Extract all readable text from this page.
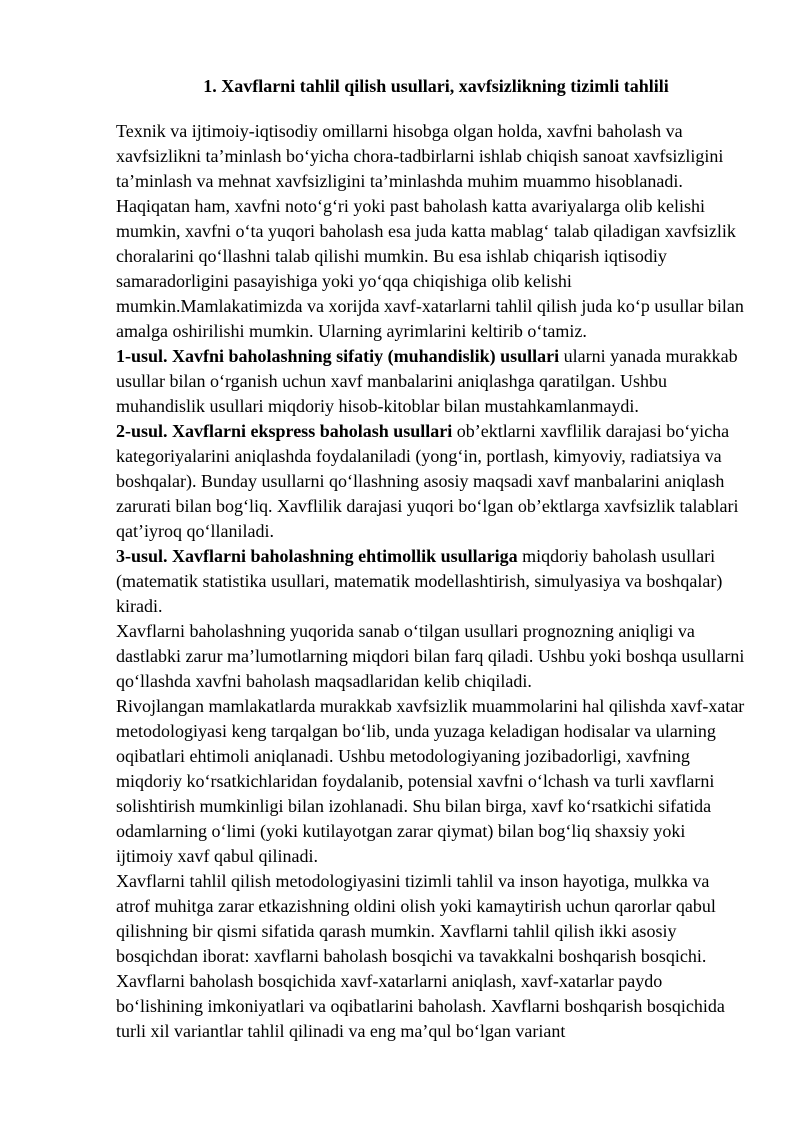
1. Xavflarni tahlil qilish usullari, xavfsizlikning tizimli tahlili

Texnik va ijtimoiy-iqtisodiy omillarni hisobga olgan holda, xavfni baholash va xavfsizlikni ta’minlash bo‘yicha chora-tadbirlarni ishlab chiqish sanoat xavfsizligini ta’minlash va mehnat xavfsizligini ta’minlashda muhim muammo hisoblanadi. Haqiqatan ham, xavfni noto‘g‘ri yoki past baholash katta avariyalarga olib kelishi mumkin, xavfni o‘ta yuqori baholash esa juda katta mablag‘ talab qiladigan xavfsizlik choralarini qo‘llashni talab qilishi mumkin. Bu esa ishlab chiqarish iqtisodiy samaradorligini pasayishiga yoki yo‘qqa chiqishiga olib kelishi mumkin.Mamlakatimizda va xorijda xavf-xatarlarni tahlil qilish juda ko‘p usullar bilan amalga oshirilishi mumkin. Ularning ayrimlarini keltirib o‘tamiz.

1-usul. Xavfni baholashning sifatiy (muhandislik) usullari ularni yanada murakkab usullar bilan o‘rganish uchun xavf manbalarini aniqlashga qaratilgan. Ushbu muhandislik usullari miqdoriy hisob-kitoblar bilan mustahkamlanmaydi.

2-usul. Xavflarni ekspress baholash usullari ob’ektlarni xavflilik darajasi bo‘yicha kategoriyalarini aniqlashda foydalaniladi (yong‘in, portlash, kimyoviy, radiatsiya va boshqalar). Bunday usullarni qo‘llashning asosiy maqsadi xavf manbalarini aniqlash zarurati bilan bog‘liq. Xavflilik darajasi yuqori bo‘lgan ob’ektlarga xavfsizlik talablari qat’iyroq qo‘llaniladi.

3-usul. Xavflarni baholashning ehtimollik usullariga miqdoriy baholash usullari (matematik statistika usullari, matematik modellashtirish, simulyasiya va boshqalar) kiradi.

Xavflarni baholashning yuqorida sanab o‘tilgan usullari prognozning aniqligi va dastlabki zarur ma’lumotlarning miqdori bilan farq qiladi. Ushbu yoki boshqa usullarni qo‘llashda xavfni baholash maqsadlaridan kelib chiqiladi.

Rivojlangan mamlakatlarda murakkab xavfsizlik muammolarini hal qilishda xavf-xatar metodologiyasi keng tarqalgan bo‘lib, unda yuzaga keladigan hodisalar va ularning oqibatlari ehtimoli aniqlanadi. Ushbu metodologiyaning jozibadorligi, xavfning miqdoriy ko‘rsatkichlaridan foydalanib, potensial xavfni o‘lchash va turli xavflarni solishtirish mumkinligi bilan izohlanadi. Shu bilan birga, xavf ko‘rsatkichi sifatida odamlarning o‘limi (yoki kutilayotgan zarar qiymat) bilan bog‘liq shaxsiy yoki ijtimoiy xavf qabul qilinadi.

Xavflarni tahlil qilish metodologiyasini tizimli tahlil va inson hayotiga, mulkka va atrof muhitga zarar etkazishning oldini olish yoki kamaytirish uchun qarorlar qabul qilishning bir qismi sifatida qarash mumkin. Xavflarni tahlil qilish ikki asosiy bosqichdan iborat: xavflarni baholash bosqichi va tavakkalni boshqarish bosqichi. Xavflarni baholash bosqichida xavf-xatarlarni aniqlash, xavf-xatarlar paydo bo‘lishining imkoniyatlari va oqibatlarini baholash. Xavflarni boshqarish bosqichida turli xil variantlar tahlil qilinadi va eng ma’qul bo‘lgan variant
